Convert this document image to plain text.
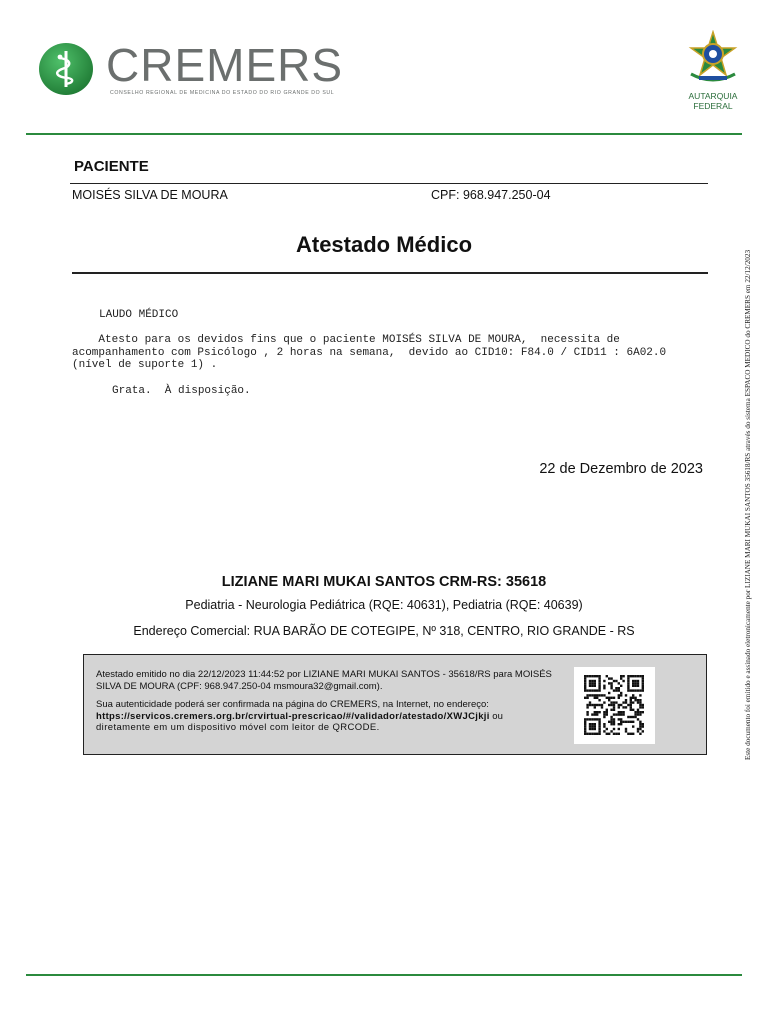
CREMERS
CONSELHO REGIONAL DE MEDICINA DO ESTADO DO RIO GRANDE DO SUL	AUTARQUIA
FEDERAL
PACIENTE
MOISÉS SILVA DE MOURA	CPF: 968.947.250-04
Atestado Médico
LAUDO MÉDICO
Atesto para os devidos fins que o paciente MOISÉS SILVA DE MOURA,  necessita de
acompanhamento com Psicólogo , 2 horas na semana,  devido ao CID10: F84.0 / CID11 : 6A02.0
(nível de suporte 1) .
Grata.  À disposição.
22 de Dezembro de 2023
LIZIANE MARI MUKAI SANTOS CRM-RS: 35618
Pediatria - Neurologia Pediátrica (RQE: 40631), Pediatria (RQE: 40639)
Endereço Comercial: RUA BARÃO DE COTEGIPE, Nº 318, CENTRO, RIO GRANDE - RS

Atestado emitido no dia 22/12/2023 11:44:52 por LIZIANE MARI MUKAI SANTOS - 35618/RS para MOISÉS SILVA DE MOURA (CPF: 968.947.250-04 msmoura32@gmail.com).

Sua autenticidade poderá ser confirmada na página do CREMERS, na Internet, no endereço:

https://servicos.cremers.org.br/crvirtual-prescricao/#/validador/atestado/XWJCjkji ou
diretamente em um dispositivo móvel com leitor de QRCODE.	Este documento foi emitido e assinado eletronicamente por LIZIANE MARI MUKAI SANTOS 35618/RS através do sistema ESPACO MEDICO do CREMERS em 22/12/2023
